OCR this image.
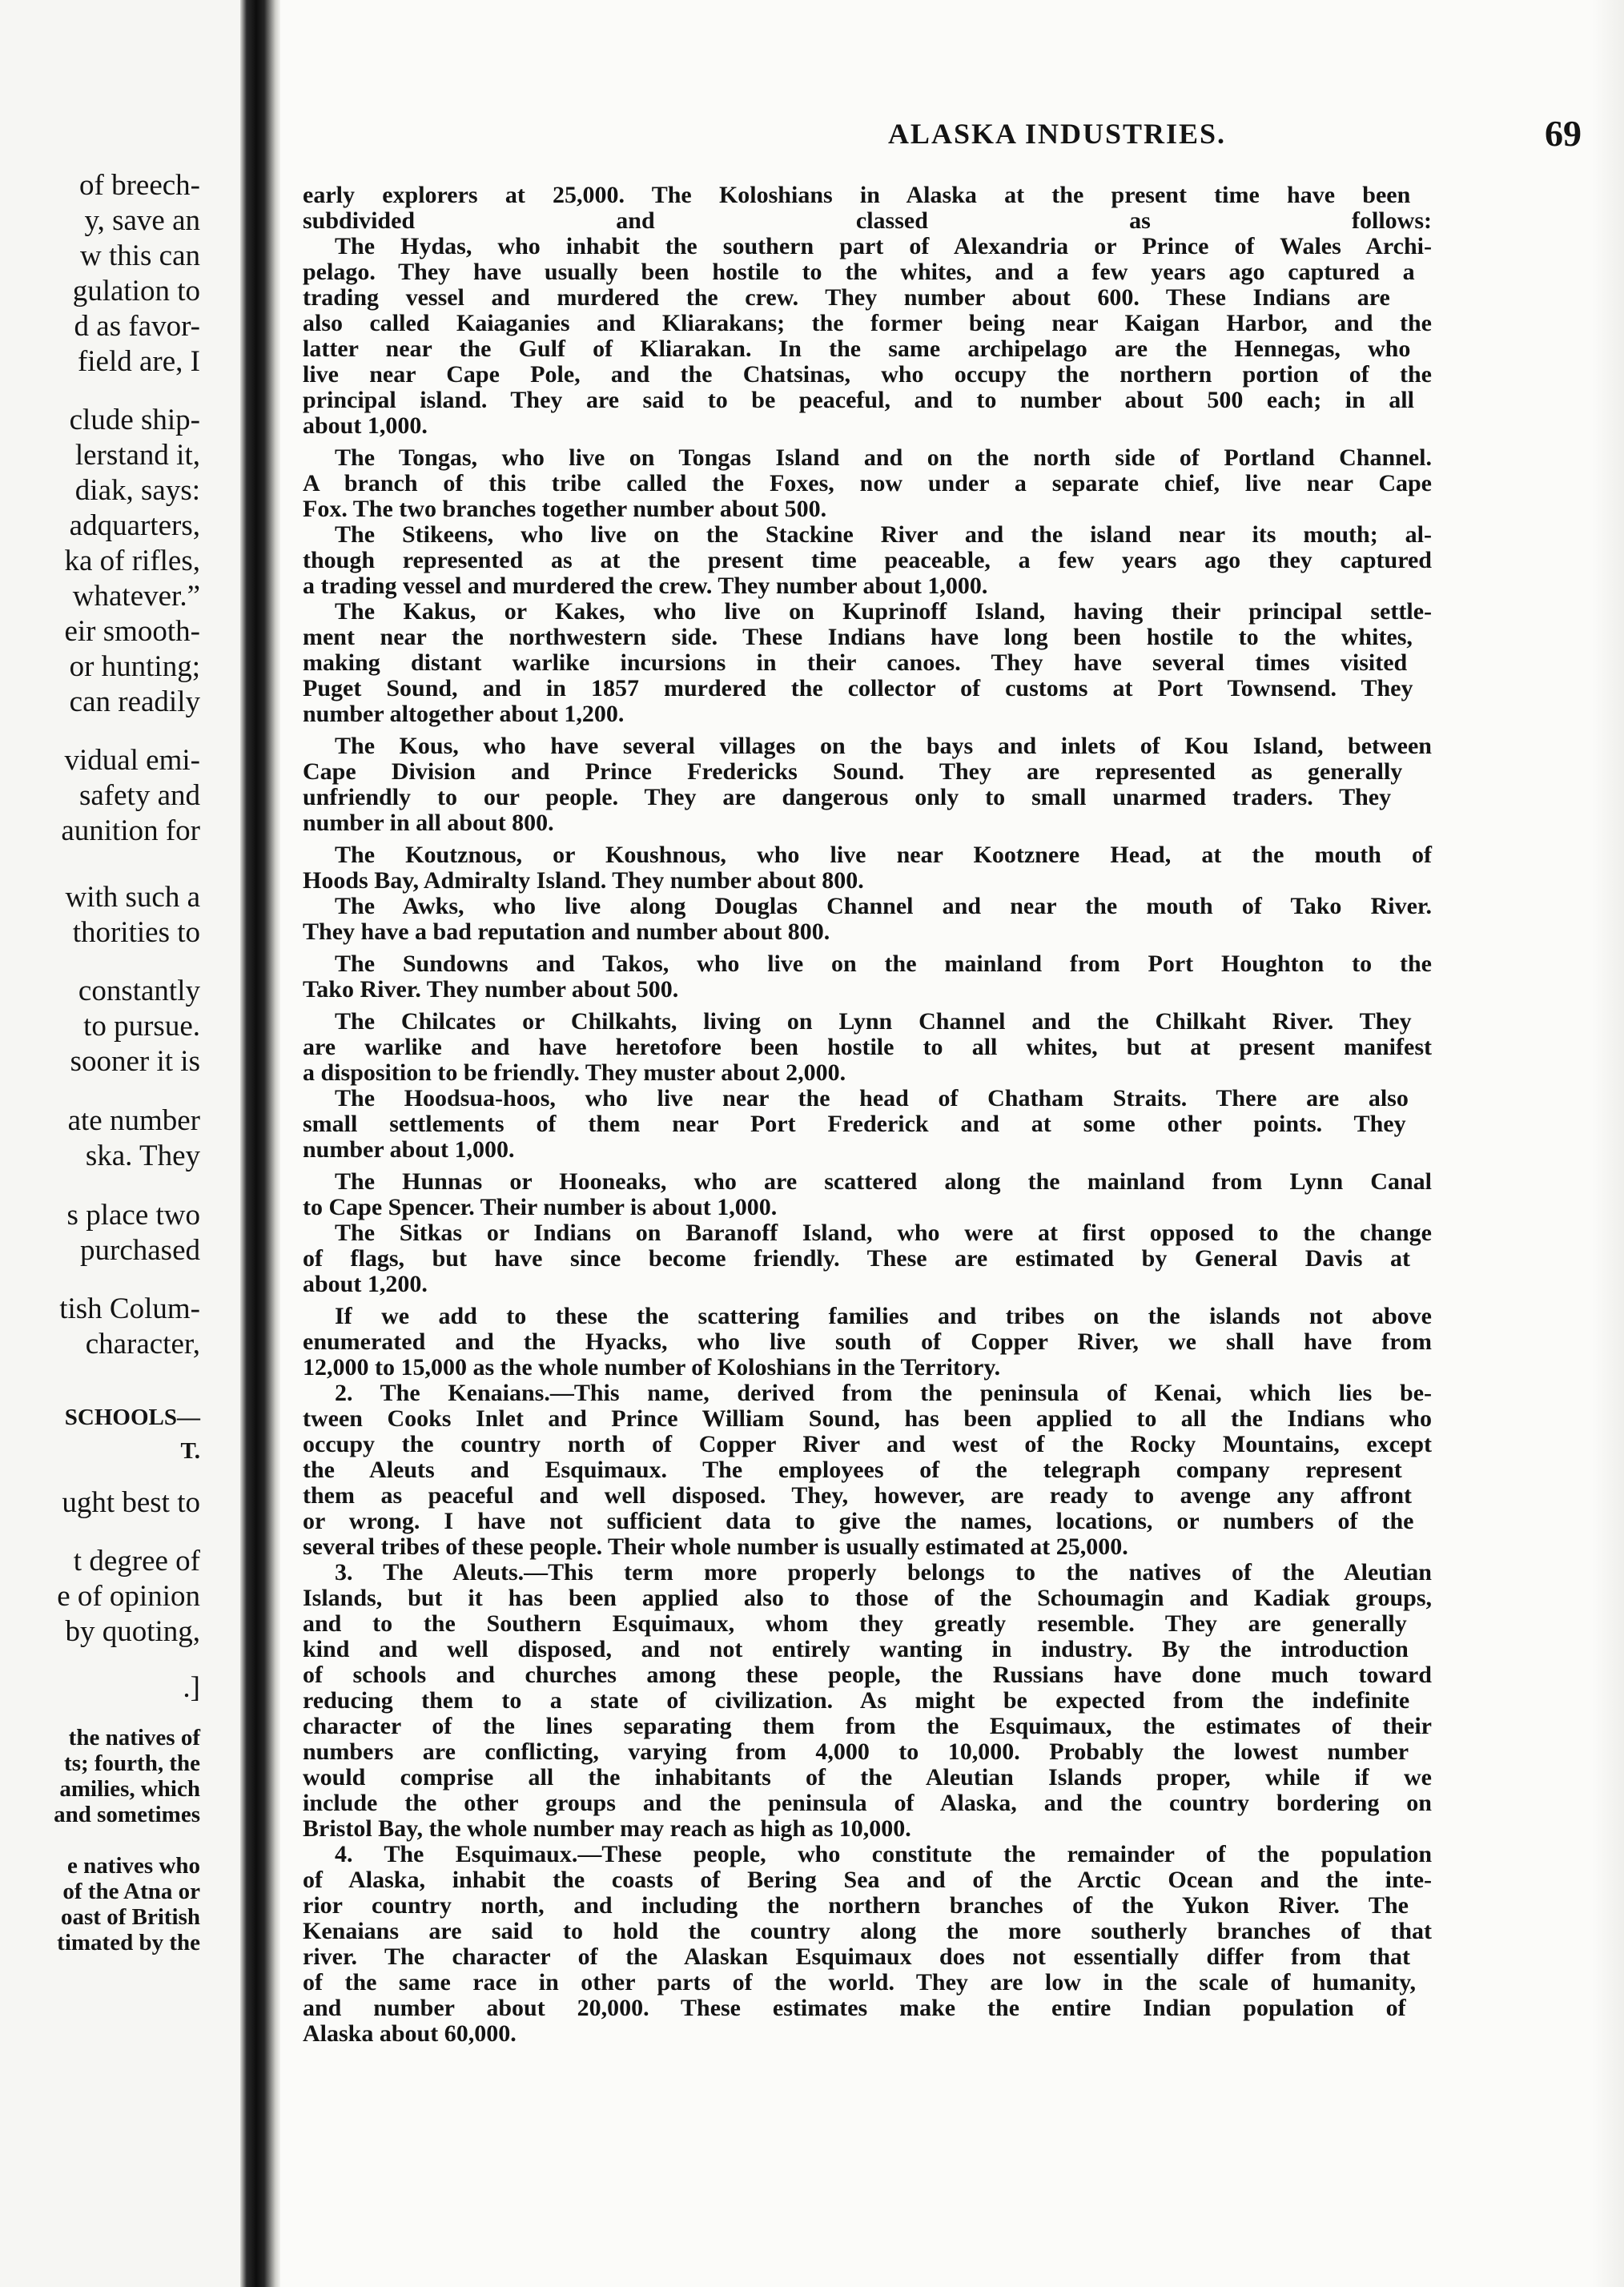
of breech-
y, save an
w this can
gulation to
d as favor-
field are, I
clude ship-
lerstand it,
diak, says:
adquarters,
ka of rifles,
whatever.”
eir smooth-
or hunting;
can readily
vidual emi-
safety and
aunition for
with such a
thorities to
constantly
to pursue.
sooner it is
ate number
ska. They
s place two
purchased
tish Colum-
character,
SCHOOLS—
T.
ught best to
t degree of
e of opinion
by quoting,
.]
the natives of
ts; fourth, the
amilies, which
and sometimes
e natives who
of the Atna or
oast of British
timated by the
ALASKA INDUSTRIES.	69
early explorers at 25,000. The Koloshians in Alaska at the present time have been
subdivided and classed as follows:
The Hydas, who inhabit the southern part of Alexandria or Prince of Wales Archi-
pelago. They have usually been hostile to the whites, and a few years ago captured a
trading vessel and murdered the crew. They number about 600. These Indians are
also called Kaiaganies and Kliarakans; the former being near Kaigan Harbor, and the
latter near the Gulf of Kliarakan. In the same archipelago are the Hennegas, who
live near Cape Pole, and the Chatsinas, who occupy the northern portion of the
principal island. They are said to be peaceful, and to number about 500 each; in all
about 1,000.
The Tongas, who live on Tongas Island and on the north side of Portland Channel.
A branch of this tribe called the Foxes, now under a separate chief, live near Cape
Fox. The two branches together number about 500.
The Stikeens, who live on the Stackine River and the island near its mouth; al-
though represented as at the present time peaceable, a few years ago they captured
a trading vessel and murdered the crew. They number about 1,000.
The Kakus, or Kakes, who live on Kuprinoff Island, having their principal settle-
ment near the northwestern side. These Indians have long been hostile to the whites,
making distant warlike incursions in their canoes. They have several times visited
Puget Sound, and in 1857 murdered the collector of customs at Port Townsend. They
number altogether about 1,200.
The Kous, who have several villages on the bays and inlets of Kou Island, between
Cape Division and Prince Fredericks Sound. They are represented as generally
unfriendly to our people. They are dangerous only to small unarmed traders. They
number in all about 800.
The Koutznous, or Koushnous, who live near Kootznere Head, at the mouth of
Hoods Bay, Admiralty Island. They number about 800.
The Awks, who live along Douglas Channel and near the mouth of Tako River.
They have a bad reputation and number about 800.
The Sundowns and Takos, who live on the mainland from Port Houghton to the
Tako River. They number about 500.
The Chilcates or Chilkahts, living on Lynn Channel and the Chilkaht River. They
are warlike and have heretofore been hostile to all whites, but at present manifest
a disposition to be friendly. They muster about 2,000.
The Hoodsua-hoos, who live near the head of Chatham Straits. There are also
small settlements of them near Port Frederick and at some other points. They
number about 1,000.
The Hunnas or Hooneaks, who are scattered along the mainland from Lynn Canal
to Cape Spencer. Their number is about 1,000.
The Sitkas or Indians on Baranoff Island, who were at first opposed to the change
of flags, but have since become friendly. These are estimated by General Davis at
about 1,200.
If we add to these the scattering families and tribes on the islands not above
enumerated and the Hyacks, who live south of Copper River, we shall have from
12,000 to 15,000 as the whole number of Koloshians in the Territory.
2. The Kenaians.—This name, derived from the peninsula of Kenai, which lies be-
tween Cooks Inlet and Prince William Sound, has been applied to all the Indians who
occupy the country north of Copper River and west of the Rocky Mountains, except
the Aleuts and Esquimaux. The employees of the telegraph company represent
them as peaceful and well disposed. They, however, are ready to avenge any affront
or wrong. I have not sufficient data to give the names, locations, or numbers of the
several tribes of these people. Their whole number is usually estimated at 25,000.
3. The Aleuts.—This term more properly belongs to the natives of the Aleutian
Islands, but it has been applied also to those of the Schoumagin and Kadiak groups,
and to the Southern Esquimaux, whom they greatly resemble. They are generally
kind and well disposed, and not entirely wanting in industry. By the introduction
of schools and churches among these people, the Russians have done much toward
reducing them to a state of civilization. As might be expected from the indefinite
character of the lines separating them from the Esquimaux, the estimates of their
numbers are conflicting, varying from 4,000 to 10,000. Probably the lowest number
would comprise all the inhabitants of the Aleutian Islands proper, while if we
include the other groups and the peninsula of Alaska, and the country bordering on
Bristol Bay, the whole number may reach as high as 10,000.
4. The Esquimaux.—These people, who constitute the remainder of the population
of Alaska, inhabit the coasts of Bering Sea and of the Arctic Ocean and the inte-
rior country north, and including the northern branches of the Yukon River. The
Kenaians are said to hold the country along the more southerly branches of that
river. The character of the Alaskan Esquimaux does not essentially differ from that
of the same race in other parts of the world. They are low in the scale of humanity,
and number about 20,000. These estimates make the entire Indian population of
Alaska about 60,000.
